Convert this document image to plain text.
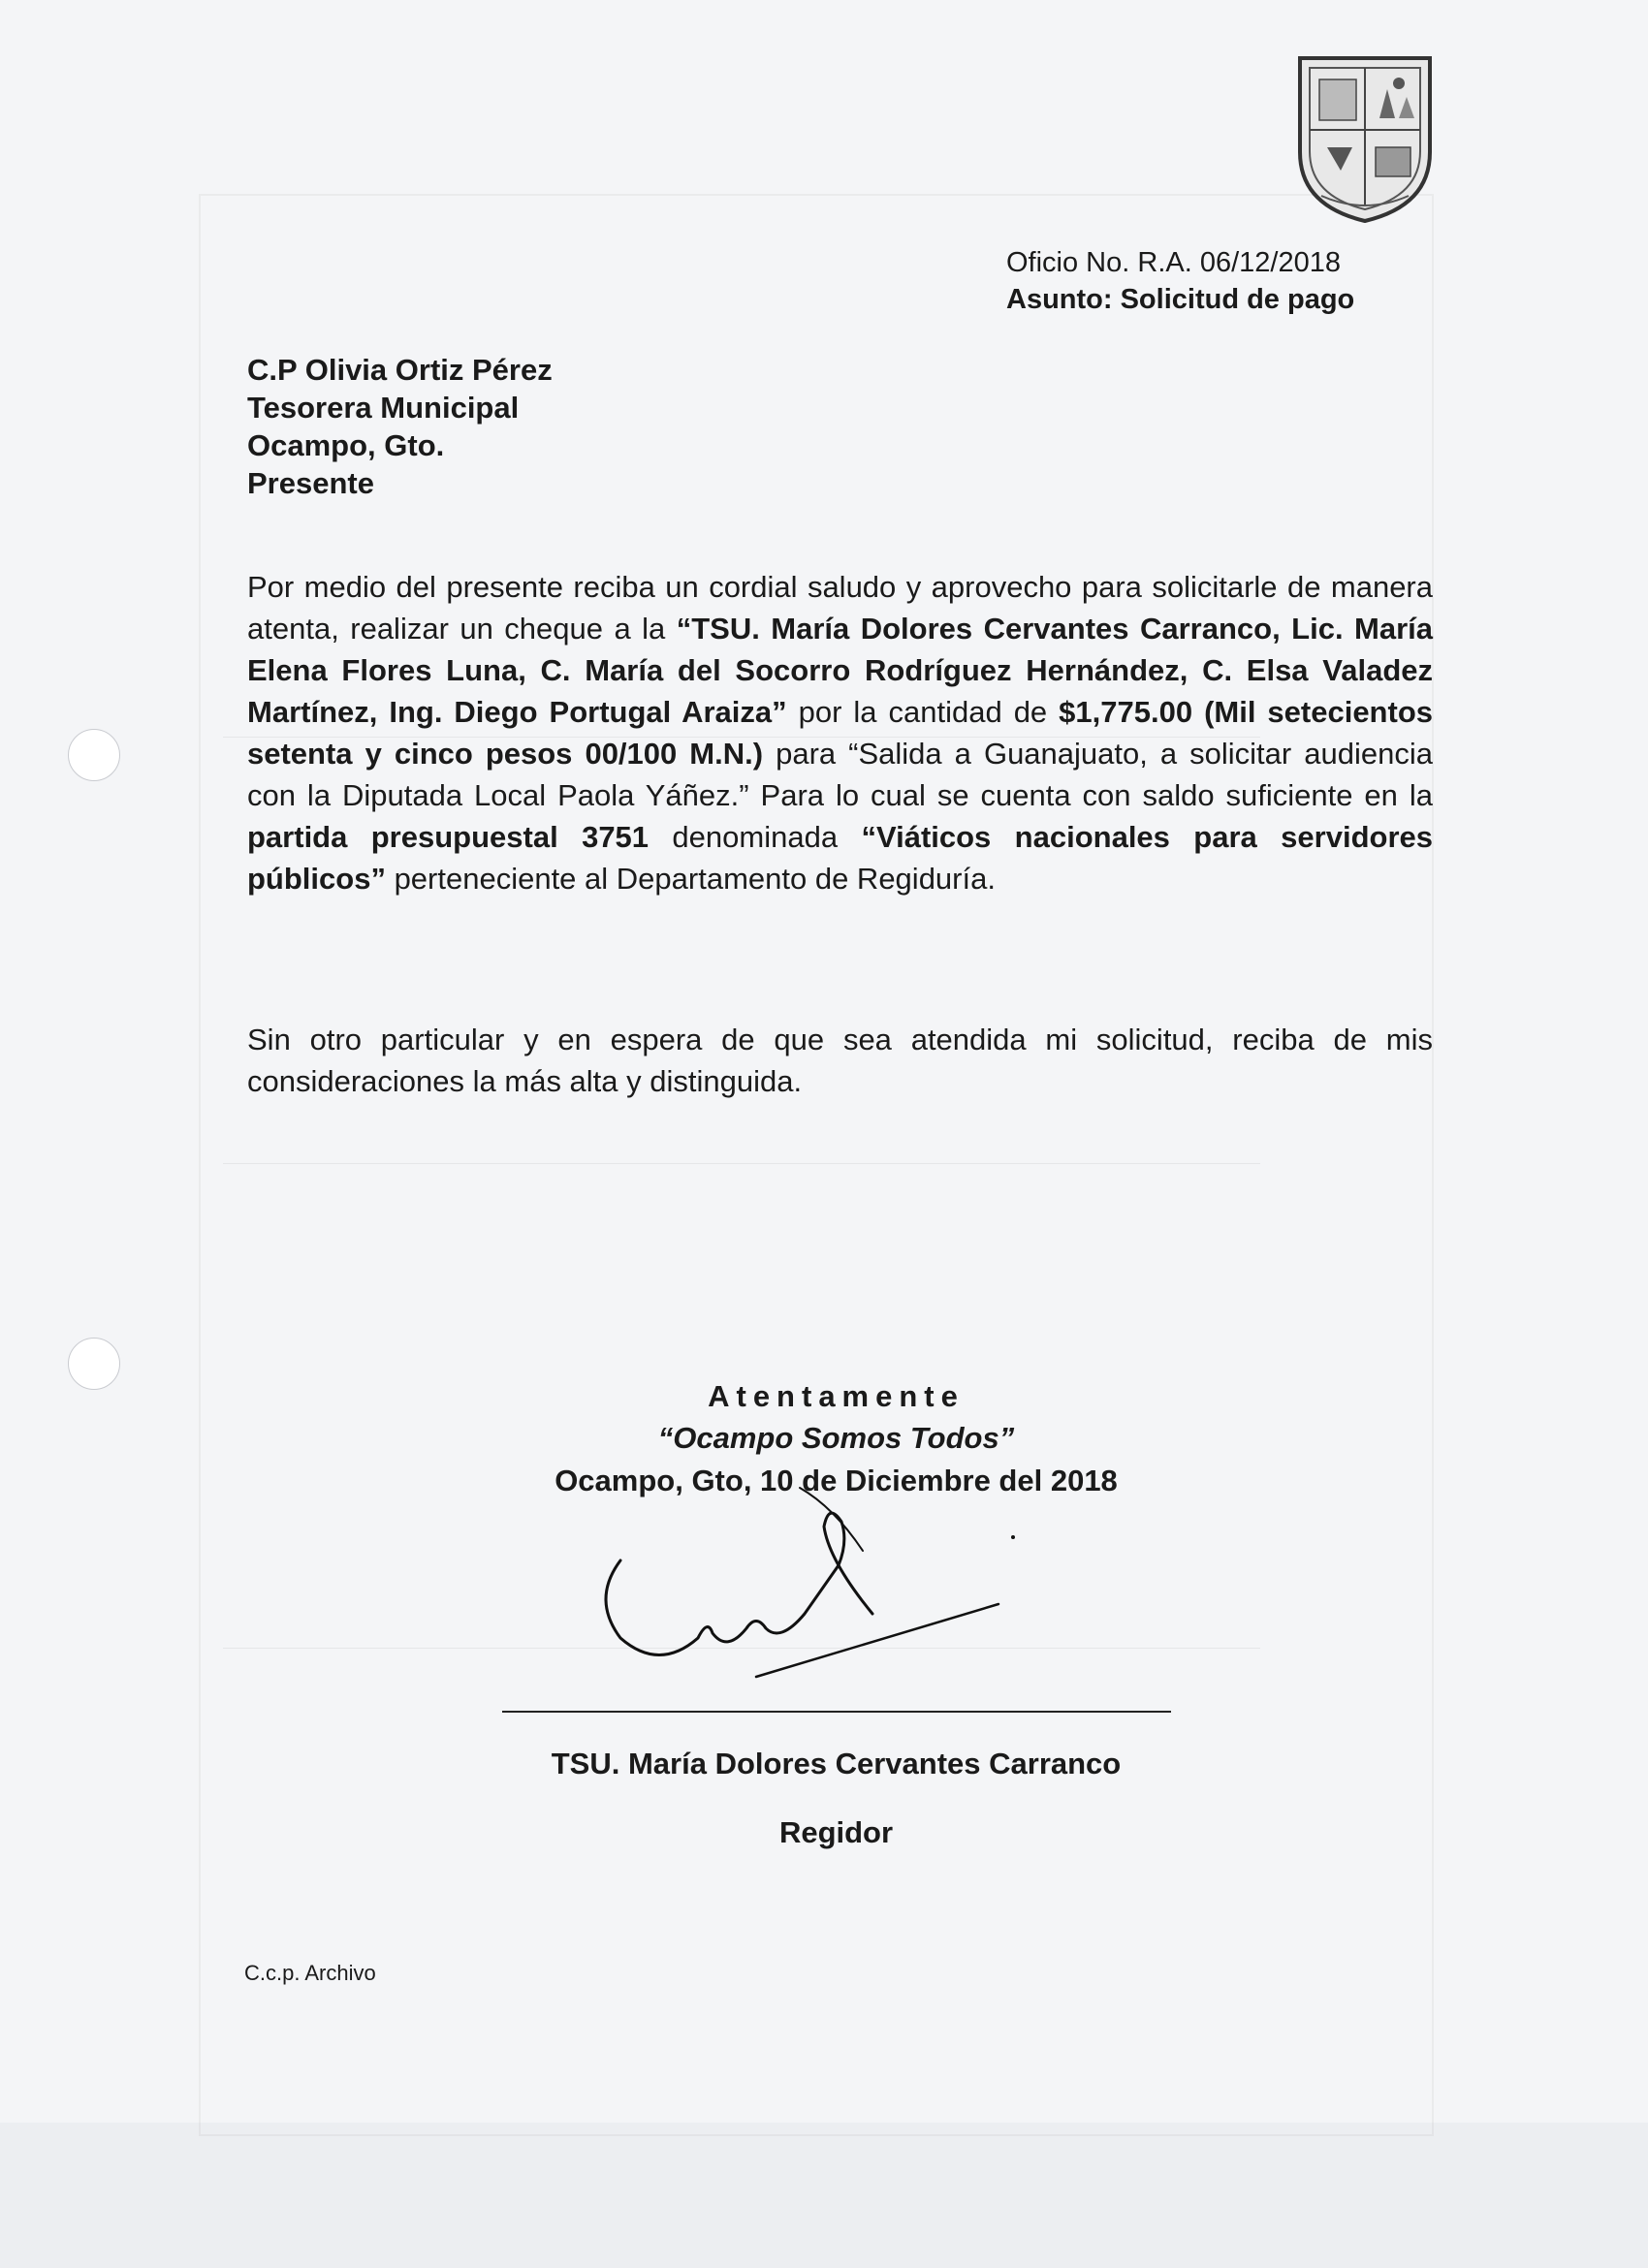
Oficio No. R.A. 06/12/2018
Asunto: Solicitud de pago
C.P Olivia Ortiz Pérez
Tesorera Municipal
Ocampo, Gto.
Presente
Por medio del presente reciba un cordial saludo y aprovecho para solicitarle de manera atenta, realizar un cheque a la “TSU. María Dolores Cervantes Carranco, Lic. María Elena Flores Luna, C. María del Socorro Rodríguez Hernández, C. Elsa Valadez Martínez, Ing. Diego Portugal Araiza” por la cantidad de $1,775.00 (Mil setecientos setenta y cinco pesos 00/100 M.N.) para “Salida a Guanajuato, a solicitar audiencia con la Diputada Local Paola Yáñez.” Para lo cual se cuenta con saldo suficiente en la partida presupuestal 3751 denominada “Viáticos nacionales para servidores públicos” perteneciente al Departamento de Regiduría.
Sin otro particular y en espera de que sea atendida mi solicitud, reciba de mis consideraciones la más alta y distinguida.
Atentamente
“Ocampo Somos Todos”
Ocampo, Gto, 10 de Diciembre del 2018
TSU. María Dolores Cervantes Carranco
Regidor
C.c.p. Archivo
